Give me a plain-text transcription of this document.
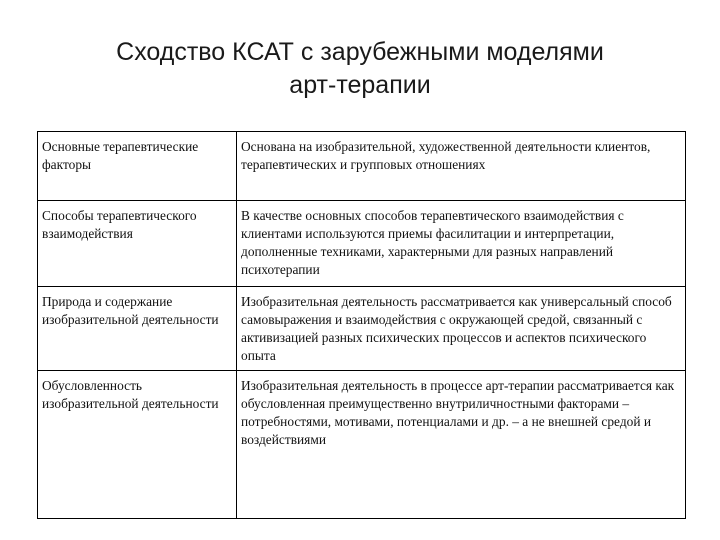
Сходство КСАТ с зарубежными моделями
арт-терапии
Основные терапевтические факторы	Основана на изобразительной, художественной деятельности клиентов, терапевтических и групповых отношениях
Способы терапевтического взаимодействия	В качестве основных способов терапевтического взаимодействия с клиентами используются приемы фасилитации и интерпретации, дополненные техниками, характерными для разных направлений психотерапии
Природа и содержание изобразительной деятельности	Изобразительная деятельность рассматривается как универсальный способ самовыражения и взаимодействия с окружающей средой, связанный с активизацией разных психических процессов и аспектов психического опыта
Обусловленность изобразительной деятельности	Изобразительная деятельность в процессе арт-терапии рассматривается как обусловленная преимущественно внутриличностными факторами – потребностями, мотивами, потенциалами и др. – а не внешней средой и воздействиями
